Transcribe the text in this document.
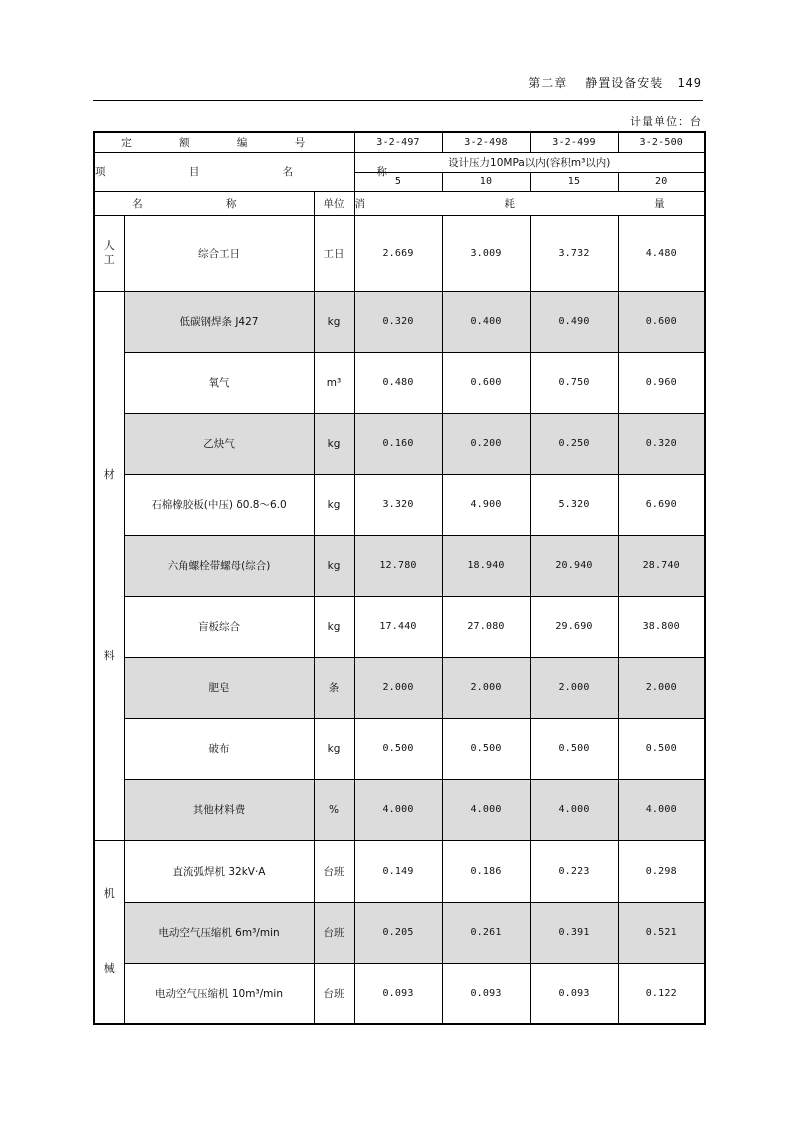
第二章 静置设备安装 149
计量单位：台
定 额 编 号			3-2-497	3-2-498	3-2-499	3-2-500
项 目 名 称			设计压力10MPa以内(容积m³以内)			
			5	10	15	20
名 称		单位	消 耗 量			
人
工	综合工日	工日	2.669	3.009	3.732	4.480

材
料	低碳钢焊条 J427	kg	0.320	0.400	0.490	0.600
	氧气	m³	0.480	0.600	0.750	0.960
	乙炔气	kg	0.160	0.200	0.250	0.320
	石棉橡胶板(中压) δ0.8～6.0	kg	3.320	4.900	5.320	6.690
	六角螺栓带螺母(综合)	kg	12.780	18.940	20.940	28.740
	盲板综合	kg	17.440	27.080	29.690	38.800
	肥皂	条	2.000	2.000	2.000	2.000
	破布	kg	0.500	0.500	0.500	0.500
	其他材料费	%	4.000	4.000	4.000	4.000

机
械	直流弧焊机 32kV·A	台班	0.149	0.186	0.223	0.298
	电动空气压缩机 6m³/min	台班	0.205	0.261	0.391	0.521
	电动空气压缩机 10m³/min	台班	0.093	0.093	0.093	0.122
